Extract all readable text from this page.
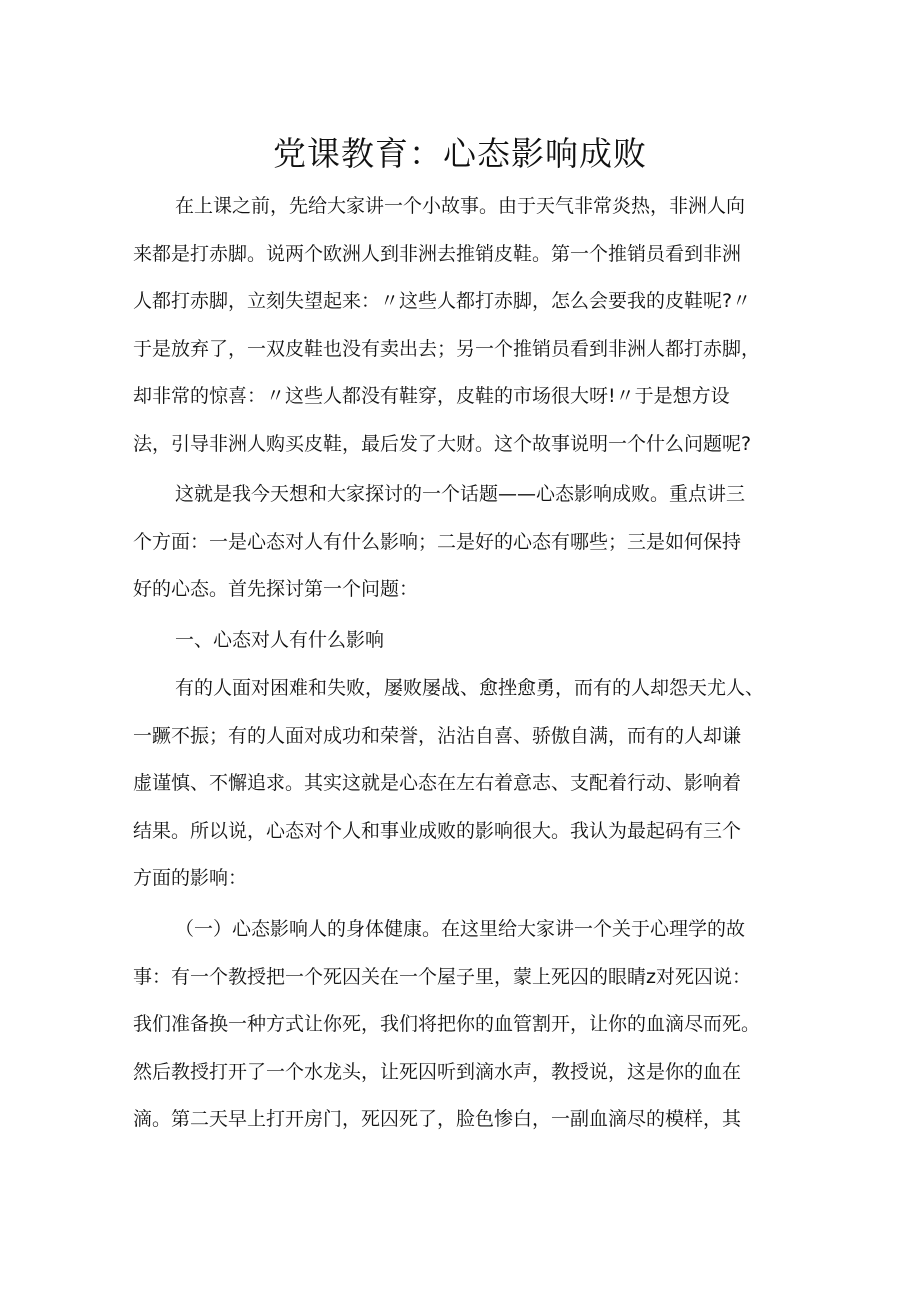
党课教育：心态影响成败
在上课之前，先给大家讲一个小故事。由于天气非常炎热，非洲人向
来都是打赤脚。说两个欧洲人到非洲去推销皮鞋。第一个推销员看到非洲
人都打赤脚，立刻失望起来：〃这些人都打赤脚，怎么会要我的皮鞋呢?〃
于是放弃了，一双皮鞋也没有卖出去；另一个推销员看到非洲人都打赤脚，
却非常的惊喜：〃这些人都没有鞋穿，皮鞋的市场很大呀!〃于是想方设
法，引导非洲人购买皮鞋，最后发了大财。这个故事说明一个什么问题呢?
这就是我今天想和大家探讨的一个话题——心态影响成败。重点讲三
个方面：一是心态对人有什么影响；二是好的心态有哪些；三是如何保持
好的心态。首先探讨第一个问题：
一、心态对人有什么影响
有的人面对困难和失败，屡败屡战、愈挫愈勇，而有的人却怨天尤人、
一蹶不振；有的人面对成功和荣誉，沾沾自喜、骄傲自满，而有的人却谦
虚谨慎、不懈追求。其实这就是心态在左右着意志、支配着行动、影响着
结果。所以说，心态对个人和事业成败的影响很大。我认为最起码有三个
方面的影响：
（一）心态影响人的身体健康。在这里给大家讲一个关于心理学的故
事：有一个教授把一个死囚关在一个屋子里，蒙上死囚的眼睛z对死囚说：
我们准备换一种方式让你死，我们将把你的血管割开，让你的血滴尽而死。
然后教授打开了一个水龙头，让死囚听到滴水声，教授说，这是你的血在
滴。第二天早上打开房门，死囚死了，脸色惨白，一副血滴尽的模样，其
